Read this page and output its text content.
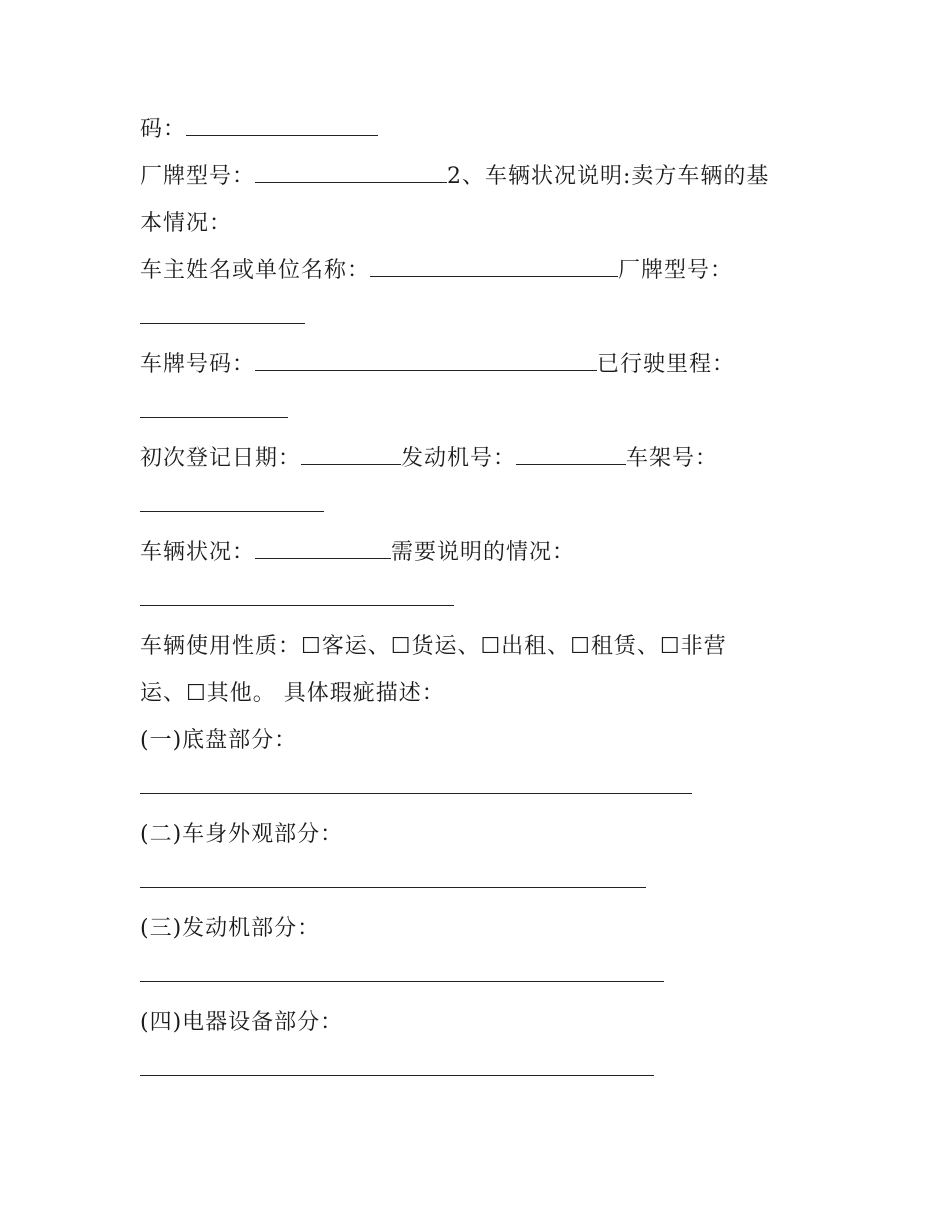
码：
厂牌型号：	2、车辆状况说明:卖方车辆的基
本情况：
车主姓名或单位名称：	厂牌型号：
车牌号码：	已行驶里程：
初次登记日期：	发动机号：	车架号：
车辆状况：	需要说明的情况：
车辆使用性质：☐客运、☐货运、☐出租、☐租赁、☐非营
运、☐其他。 具体瑕疵描述：
(一)底盘部分：
(二)车身外观部分：
(三)发动机部分：
(四)电器设备部分：
